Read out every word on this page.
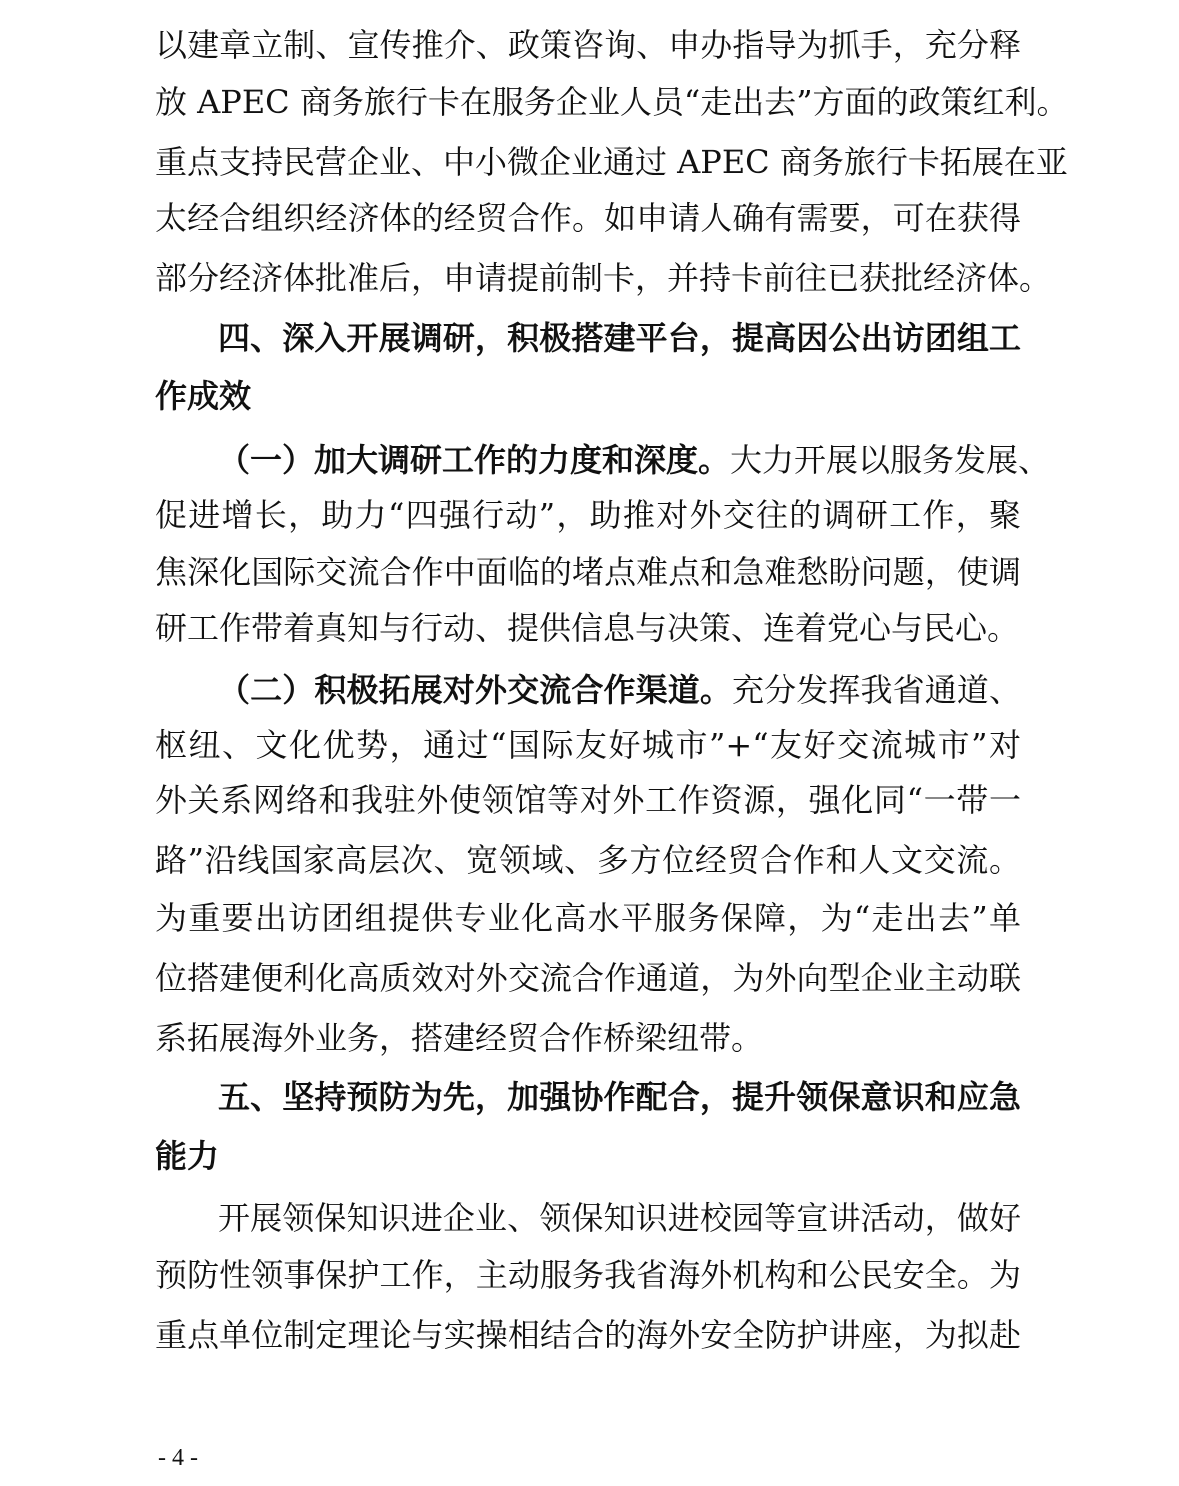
以建章立制、宣传推介、政策咨询、申办指导为抓手，充分释
放 APEC 商务旅行卡在服务企业人员“走出去”方面的政策红利。
重点支持民营企业、中小微企业通过 APEC 商务旅行卡拓展在亚
太经合组织经济体的经贸合作。如申请人确有需要，可在获得
部分经济体批准后，申请提前制卡，并持卡前往已获批经济体。
四、深入开展调研，积极搭建平台，提高因公出访团组工
作成效
（一）加大调研工作的力度和深度。大力开展以服务发展、
促进增长，助力“四强行动”，助推对外交往的调研工作，聚
焦深化国际交流合作中面临的堵点难点和急难愁盼问题，使调
研工作带着真知与行动、提供信息与决策、连着党心与民心。
（二）积极拓展对外交流合作渠道。充分发挥我省通道、
枢纽、文化优势，通过“国际友好城市”+“友好交流城市”对
外关系网络和我驻外使领馆等对外工作资源，强化同“一带一
路”沿线国家高层次、宽领域、多方位经贸合作和人文交流。
为重要出访团组提供专业化高水平服务保障，为“走出去”单
位搭建便利化高质效对外交流合作通道，为外向型企业主动联
系拓展海外业务，搭建经贸合作桥梁纽带。
五、坚持预防为先，加强协作配合，提升领保意识和应急
能力
开展领保知识进企业、领保知识进校园等宣讲活动，做好
预防性领事保护工作，主动服务我省海外机构和公民安全。为
重点单位制定理论与实操相结合的海外安全防护讲座，为拟赴
- 4 -
